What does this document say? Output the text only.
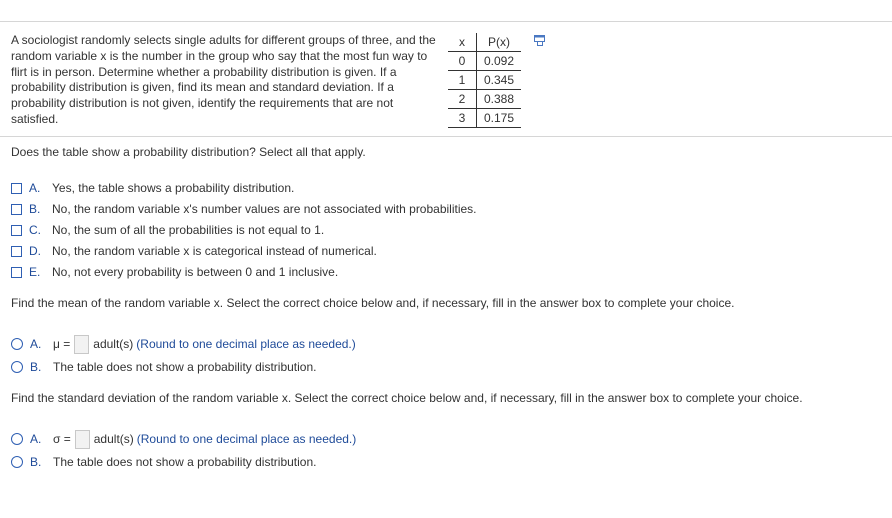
A sociologist randomly selects single adults for different groups of three, and the random variable x is the number in the group who say that the most fun way to flirt is in person. Determine whether a probability distribution is given. If a probability distribution is given, find its mean and standard deviation. If a probability distribution is not given, identify the requirements that are not satisfied.
x	P(x)
0	0.092
1	0.345
2	0.388
3	0.175
Does the table show a probability distribution? Select all that apply.
A. Yes, the table shows a probability distribution.
B. No, the random variable x's number values are not associated with probabilities.
C. No, the sum of all the probabilities is not equal to 1.
D. No, the random variable x is categorical instead of numerical.
E. No, not every probability is between 0 and 1 inclusive.
Find the mean of the random variable x. Select the correct choice below and, if necessary, fill in the answer box to complete your choice.
A. μ = adult(s) (Round to one decimal place as needed.)
B. The table does not show a probability distribution.
Find the standard deviation of the random variable x. Select the correct choice below and, if necessary, fill in the answer box to complete your choice.
A. σ = adult(s) (Round to one decimal place as needed.)
B. The table does not show a probability distribution.
